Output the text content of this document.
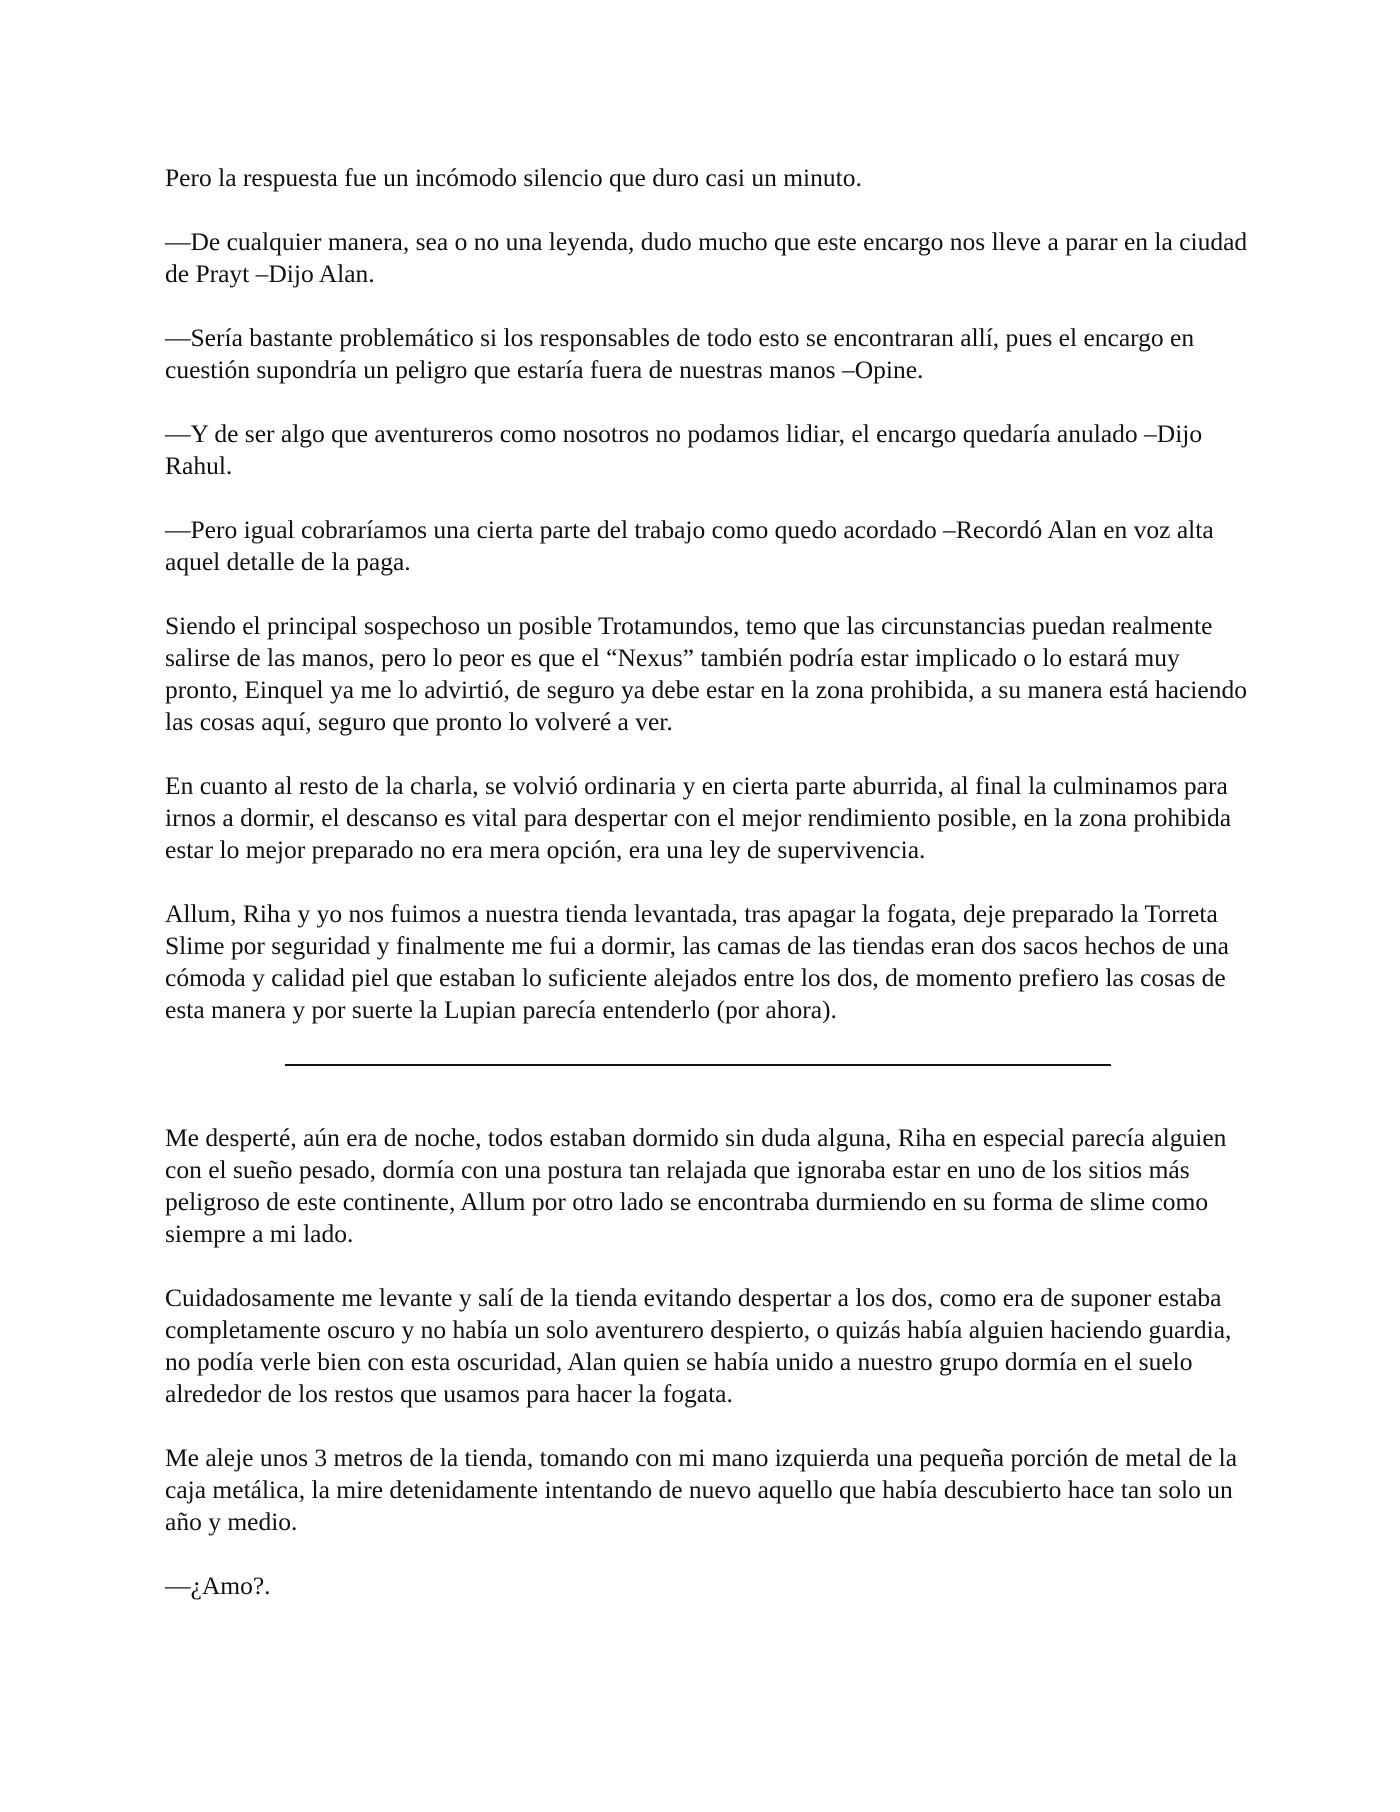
Pero la respuesta fue un incómodo silencio que duro casi un minuto.

—De cualquier manera, sea o no una leyenda, dudo mucho que este encargo nos lleve a parar en la ciudad de Prayt –Dijo Alan.

—Sería bastante problemático si los responsables de todo esto se encontraran allí, pues el encargo en cuestión supondría un peligro que estaría fuera de nuestras manos –Opine.

—Y de ser algo que aventureros como nosotros no podamos lidiar, el encargo quedaría anulado –Dijo Rahul.

—Pero igual cobraríamos una cierta parte del trabajo como quedo acordado –Recordó Alan en voz alta aquel detalle de la paga.

Siendo el principal sospechoso un posible Trotamundos, temo que las circunstancias puedan realmente salirse de las manos, pero lo peor es que el “Nexus” también podría estar implicado o lo estará muy pronto, Einquel ya me lo advirtió, de seguro ya debe estar en la zona prohibida, a su manera está haciendo las cosas aquí, seguro que pronto lo volveré a ver.

En cuanto al resto de la charla, se volvió ordinaria y en cierta parte aburrida, al final la culminamos para irnos a dormir, el descanso es vital para despertar con el mejor rendimiento posible, en la zona prohibida estar lo mejor preparado no era mera opción, era una ley de supervivencia.

Allum, Riha y yo nos fuimos a nuestra tienda levantada, tras apagar la fogata, deje preparado la Torreta Slime por seguridad y finalmente me fui a dormir, las camas de las tiendas eran dos sacos hechos de una cómoda y calidad piel que estaban lo suficiente alejados entre los dos, de momento prefiero las cosas de esta manera y por suerte la Lupian parecía entenderlo (por ahora).

Me desperté, aún era de noche, todos estaban dormido sin duda alguna, Riha en especial parecía alguien con el sueño pesado, dormía con una postura tan relajada que ignoraba estar en uno de los sitios más peligroso de este continente, Allum por otro lado se encontraba durmiendo en su forma de slime como siempre a mi lado.

Cuidadosamente me levante y salí de la tienda evitando despertar a los dos, como era de suponer estaba completamente oscuro y no había un solo aventurero despierto, o quizás había alguien haciendo guardia, no podía verle bien con esta oscuridad, Alan quien se había unido a nuestro grupo dormía en el suelo alrededor de los restos que usamos para hacer la fogata.

Me aleje unos 3 metros de la tienda, tomando con mi mano izquierda una pequeña porción de metal de la caja metálica, la mire detenidamente intentando de nuevo aquello que había descubierto hace tan solo un año y medio.

—¿Amo?.
